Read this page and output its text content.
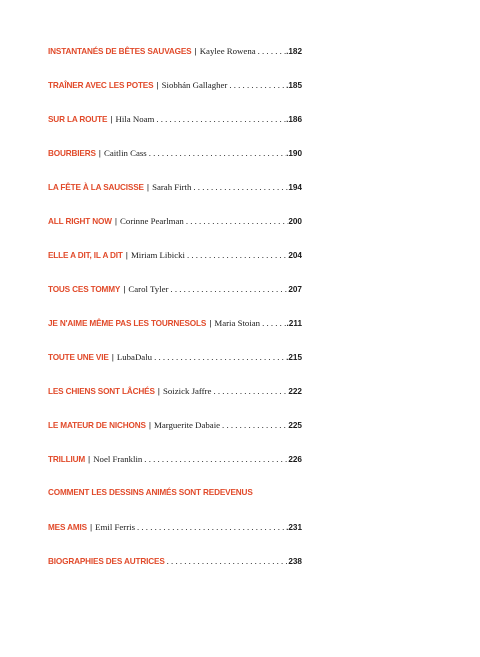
INSTANTANÉS DE BÊTES SAUVAGES | Kaylee Rowena . . .	.182
TRAÎNER AVEC LES POTES | Siobhán Gallagher . . .	.185
SUR LA ROUTE | Hila Noam . . .	.186
BOURBIERS | Caitlin Cass . . .	.190
LA FÊTE À LA SAUCISSE | Sarah Firth . . .	194
ALL RIGHT NOW | Corinne Pearlman . . .	200
ELLE A DIT, IL A DIT | Miriam Libicki . . .	204
TOUS CES TOMMY | Carol Tyler . . .	207
JE N'AIME MÊME PAS LES TOURNESOLS | Maria Stoian . . .	.211
TOUTE UNE VIE | LubaDalu . . .	.215
LES CHIENS SONT LÂCHÉS | Soizick Jaffre . . .	222
LE MATEUR DE NICHONS | Marguerite Dabaie . . .	225
TRILLIUM | Noel Franklin . . .	226
COMMENT LES DESSINS ANIMÉS SONT REDEVENUS
MES AMIS | Emil Ferris . . .	.231
BIOGRAPHIES DES AUTRICES . . .	238
